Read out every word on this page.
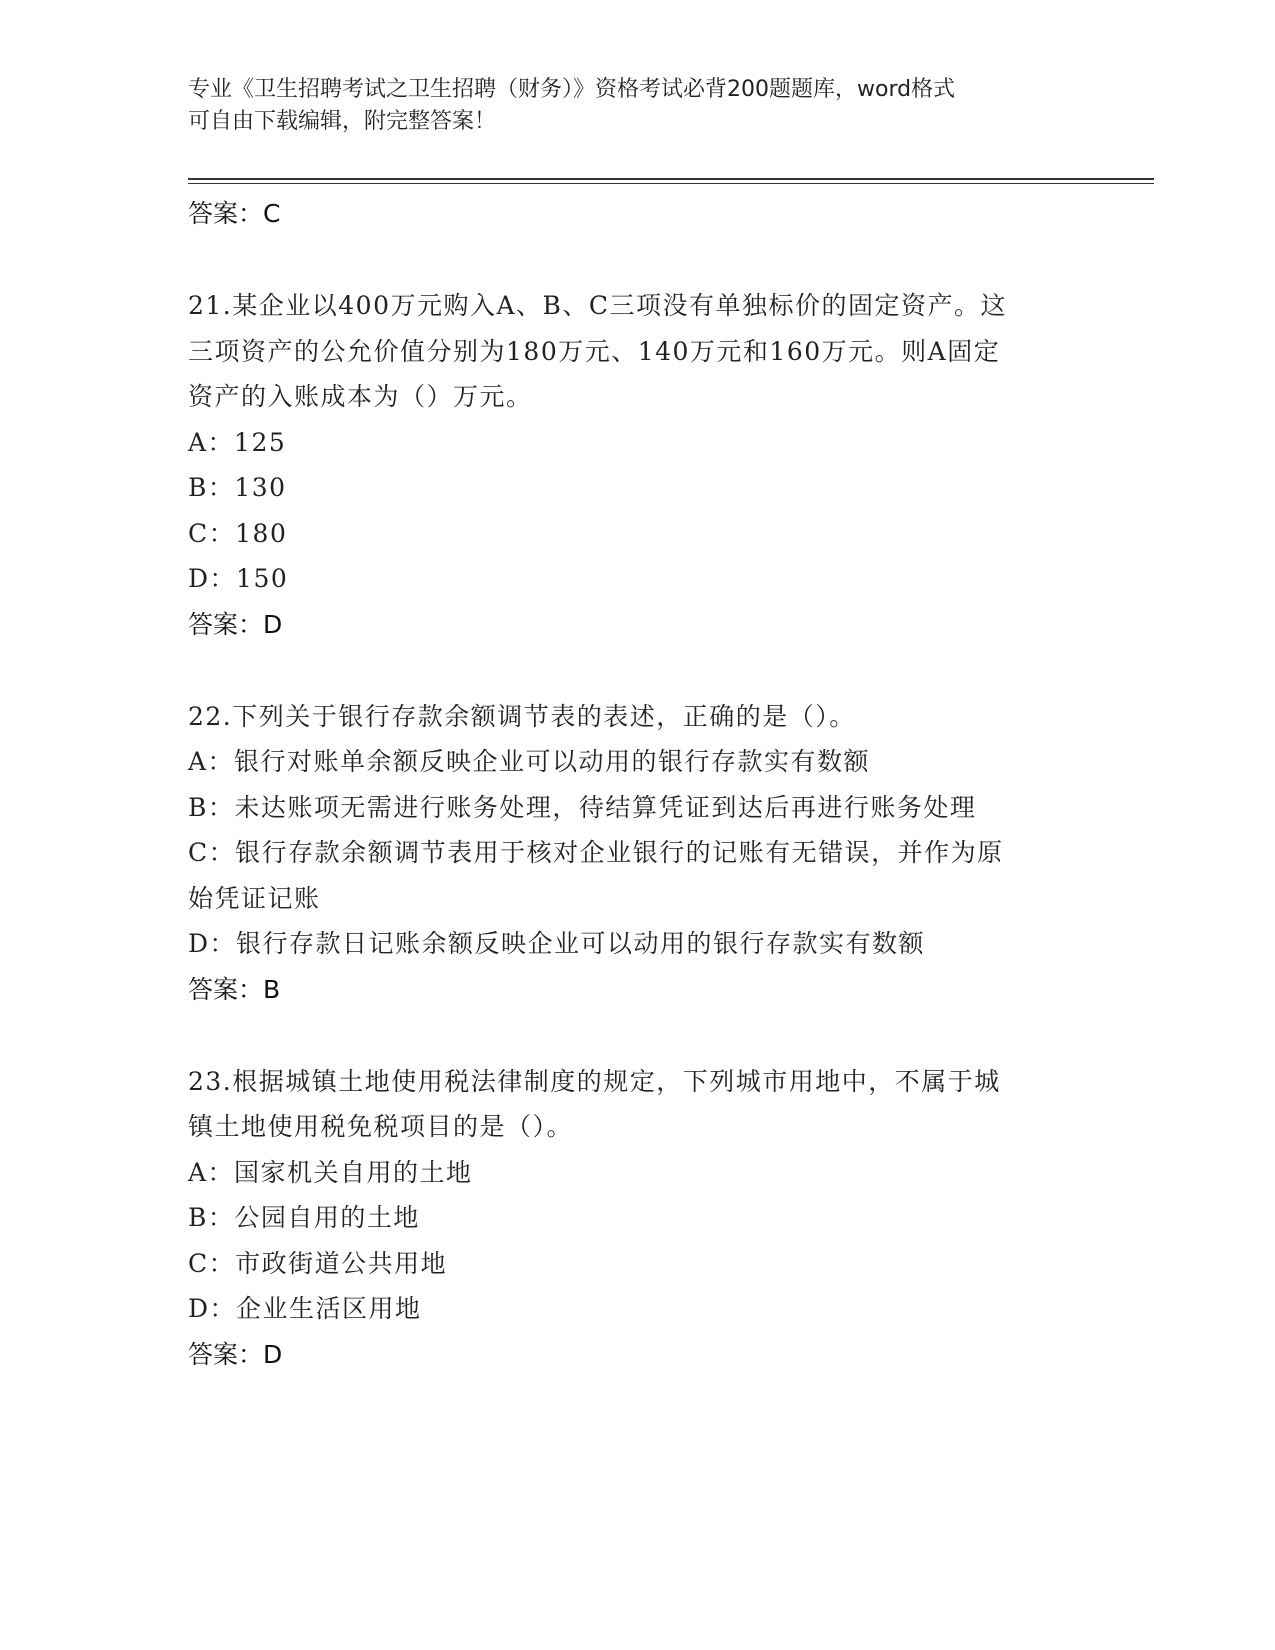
专业《卫生招聘考试之卫生招聘（财务）》资格考试必背200题题库，word格式
可自由下载编辑，附完整答案！
答案：C
21.某企业以400万元购入A、B、C三项没有单独标价的固定资产。这
三项资产的公允价值分别为180万元、140万元和160万元。则A固定
资产的入账成本为（）万元。
A：125
B：130
C：180
D：150
答案：D
22.下列关于银行存款余额调节表的表述，正确的是（）。
A：银行对账单余额反映企业可以动用的银行存款实有数额
B：未达账项无需进行账务处理，待结算凭证到达后再进行账务处理
C：银行存款余额调节表用于核对企业银行的记账有无错误，并作为原
始凭证记账
D：银行存款日记账余额反映企业可以动用的银行存款实有数额
答案：B
23.根据城镇土地使用税法律制度的规定，下列城市用地中，不属于城
镇土地使用税免税项目的是（）。
A：国家机关自用的土地
B：公园自用的土地
C：市政街道公共用地
D：企业生活区用地
答案：D
